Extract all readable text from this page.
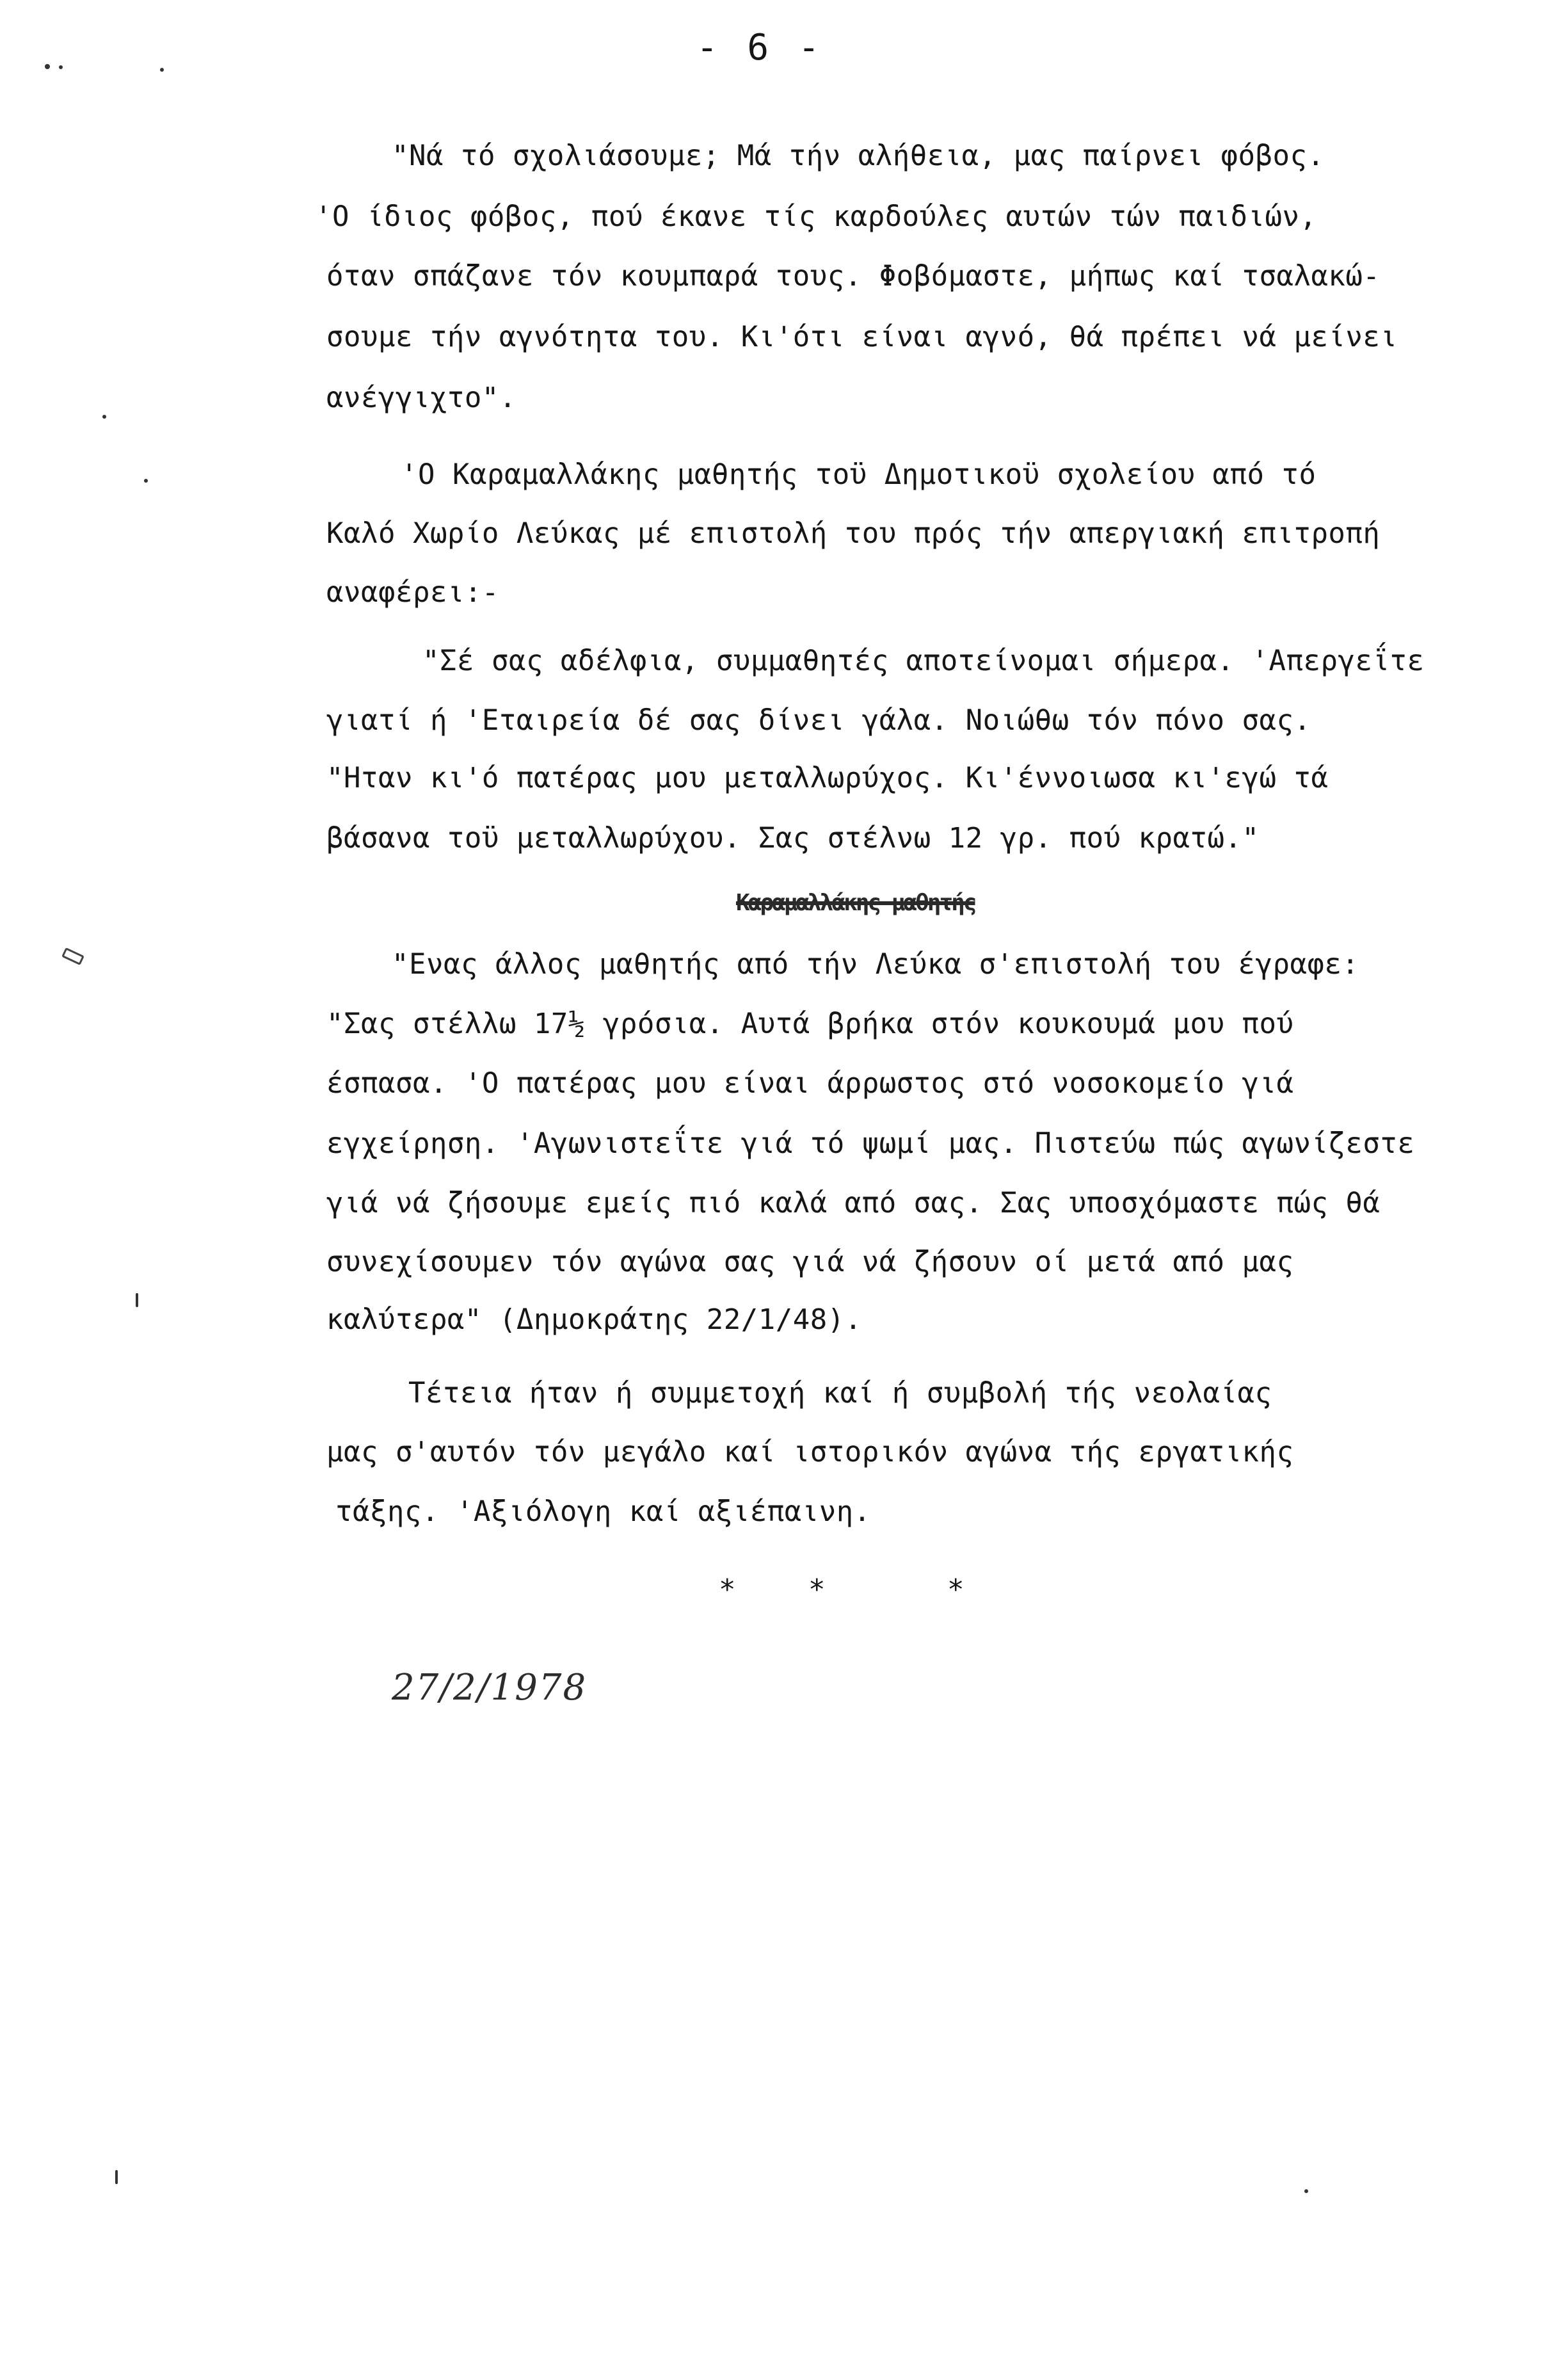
- 6 -
"Νά τό σχολιάσουμε; Μά τήν αλήθεια, μας παίρνει φόβος.
'Ο ίδιος φόβος, πού έκανε τίς καρδούλες αυτών τών παιδιών,
όταν σπάζανε τόν κουμπαρά τους. Φοβόμαστε, μήπως καί τσαλακώ-
σουμε τήν αγνότητα του. Κι'ότι είναι αγνό, θά πρέπει νά μείνει
ανέγγιχτο".
'Ο Καραμαλλάκης μαθητής τοϋ Δημοτικοϋ σχολείου από τό
Καλό Χωρίο Λεύκας μέ επιστολή του πρός τήν απεργιακή επιτροπή
αναφέρει:-
"Σέ σας αδέλφια, συμμαθητές αποτείνομαι σήμερα. 'Απεργεΐτε
γιατί ή 'Εταιρεία δέ σας δίνει γάλα. Νοιώθω τόν πόνο σας.
"Ηταν κι'ό πατέρας μου μεταλλωρύχος. Κι'έννοιωσα κι'εγώ τά
βάσανα τοϋ μεταλλωρύχου. Σας στέλνω 12 γρ. πού κρατώ."
Καραμαλλάκης μαθητής
"Ενας άλλος μαθητής από τήν Λεύκα σ'επιστολή του έγραφε:
"Σας στέλλω 17½ γρόσια. Αυτά βρήκα στόν κουκουμά μου πού
έσπασα. 'Ο πατέρας μου είναι άρρωστος στό νοσοκομείο γιά
εγχείρηση. 'Αγωνιστεΐτε γιά τό ψωμί μας. Πιστεύω πώς αγωνίζεστε
γιά νά ζήσουμε εμείς πιό καλά από σας. Σας υποσχόμαστε πώς θά
συνεχίσουμεν τόν αγώνα σας γιά νά ζήσουν οί μετά από μας
καλύτερα" (Δημοκράτης 22/1/48).
Τέτεια ήταν ή συμμετοχή καί ή συμβολή τής νεολαίας
μας σ'αυτόν τόν μεγάλο καί ιστορικόν αγώνα τής εργατικής
τάξης. 'Αξιόλογη καί αξιέπαινη.
*	*	*
27/2/1978
